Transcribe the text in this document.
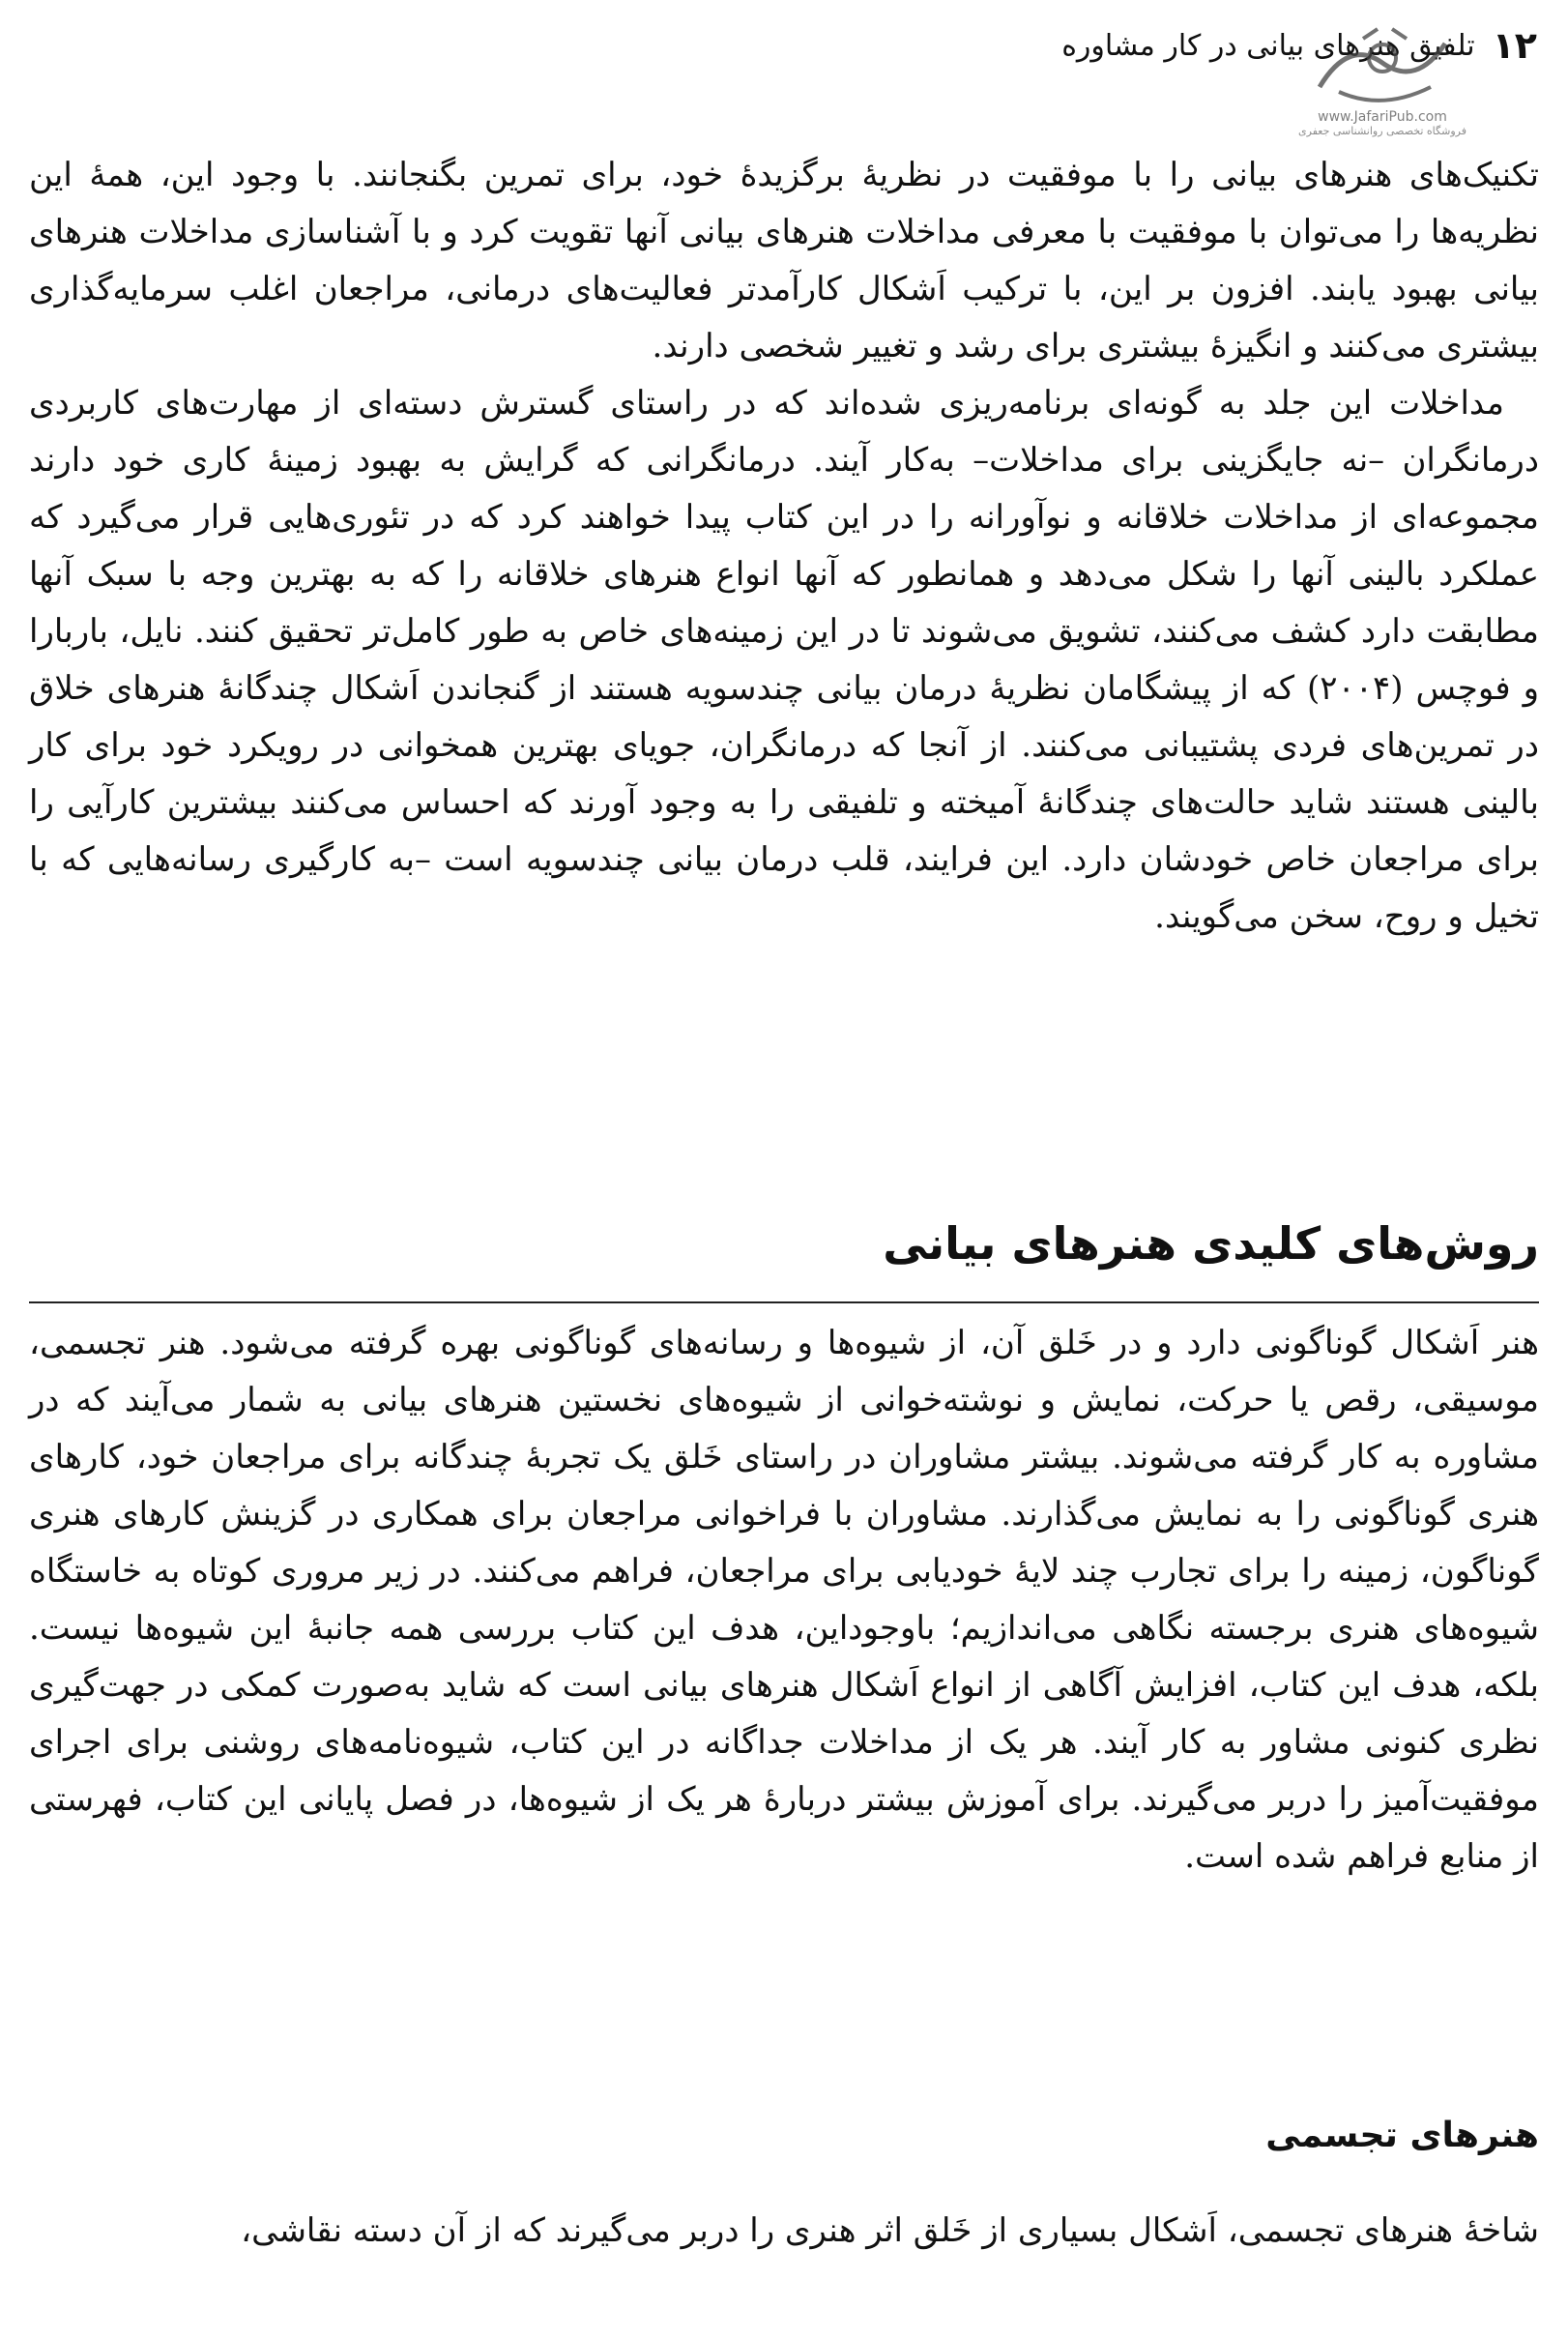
۱۲
تلفیق هنرهای بیانی در کار مشاوره
www.JafariPub.com
فروشگاه تخصصی روانشناسی جعفری

تکنیک‌های هنرهای بیانی را با موفقیت در نظریهٔ برگزیدهٔ خود، برای تمرین بگنجانند. با وجود این، همهٔ این نظریه‌ها را می‌توان با موفقیت با معرفی مداخلات هنرهای بیانی آنها تقویت کرد و با آشناسازی مداخلات هنرهای بیانی بهبود یابند. افزون بر این، با ترکیب اَشکال کارآمدتر فعالیت‌های درمانی، مراجعان اغلب سرمایه‌گذاری بیشتری می‌کنند و انگیزهٔ بیشتری برای رشد و تغییر شخصی دارند.

مداخلات این جلد به گونه‌ای برنامه‌ریزی شده‌اند که در راستای گسترش دسته‌ای از مهارت‌های کاربردی درمانگران –نه جایگزینی برای مداخلات– به‌کار آیند. درمانگرانی که گرایش به بهبود زمینهٔ کاری خود دارند مجموعه‌ای از مداخلات خلاقانه و نوآورانه را در این کتاب پیدا خواهند کرد که در تئوری‌هایی قرار می‌گیرد که عملکرد بالینی آنها را شکل می‌دهد و همانطور که آنها انواع هنرهای خلاقانه را که به بهترین وجه با سبک آنها مطابقت دارد کشف می‌کنند، تشویق می‌شوند تا در این زمینه‌های خاص به طور کامل‌تر تحقیق کنند. نایل، باربارا و فوچس (۲۰۰۴) که از پیشگامان نظریهٔ درمان بیانی چندسویه هستند از گنجاندن اَشکال چندگانهٔ هنرهای خلاق در تمرین‌های فردی پشتیبانی می‌کنند. از آنجا که درمانگران، جویای بهترین همخوانی در رویکرد خود برای کار بالینی هستند شاید حالت‌های چندگانهٔ آمیخته و تلفیقی را به وجود آورند که احساس می‌کنند بیشترین کارآیی را برای مراجعان خاص خودشان دارد. این فرایند، قلب درمان بیانی چندسویه است –به کارگیری رسانه‌هایی که با تخیل و روح، سخن می‌گویند.

روش‌های کلیدی هنرهای بیانی

هنر اَشکال گوناگونی دارد و در خَلق آن، از شیوه‌ها و رسانه‌های گوناگونی بهره گرفته می‌شود. هنر تجسمی، موسیقی، رقص یا حرکت، نمایش و نوشته‌خوانی از شیوه‌های نخستین هنرهای بیانی به شمار می‌آیند که در مشاوره به کار گرفته می‌شوند. بیشتر مشاوران در راستای خَلق یک تجربهٔ چندگانه برای مراجعان خود، کارهای هنری گوناگونی را به نمایش می‌گذارند. مشاوران با فراخوانی مراجعان برای همکاری در گزینش کارهای هنری گوناگون، زمینه را برای تجارب چند لایهٔ خودیابی برای مراجعان، فراهم می‌کنند. در زیر مروری کوتاه به خاستگاه شیوه‌های هنری برجسته نگاهی می‌اندازیم؛ باوجوداین، هدف این کتاب بررسی همه جانبهٔ این شیوه‌ها نیست. بلکه، هدف این کتاب، افزایش آگاهی از انواع اَشکال هنرهای بیانی است که شاید به‌صورت کمکی در جهت‌گیری نظری کنونی مشاور به کار آیند. هر یک از مداخلات جداگانه در این کتاب، شیوه‌نامه‌های روشنی برای اجرای موفقیت‌آمیز را دربر می‌گیرند. برای آموزش بیشتر دربارهٔ هر یک از شیوه‌ها، در فصل پایانی این کتاب، فهرستی از منابع فراهم شده است.

هنرهای تجسمی

شاخهٔ هنرهای تجسمی، اَشکال بسیاری از خَلق اثر هنری را دربر می‌گیرند که از آن دسته نقاشی،
